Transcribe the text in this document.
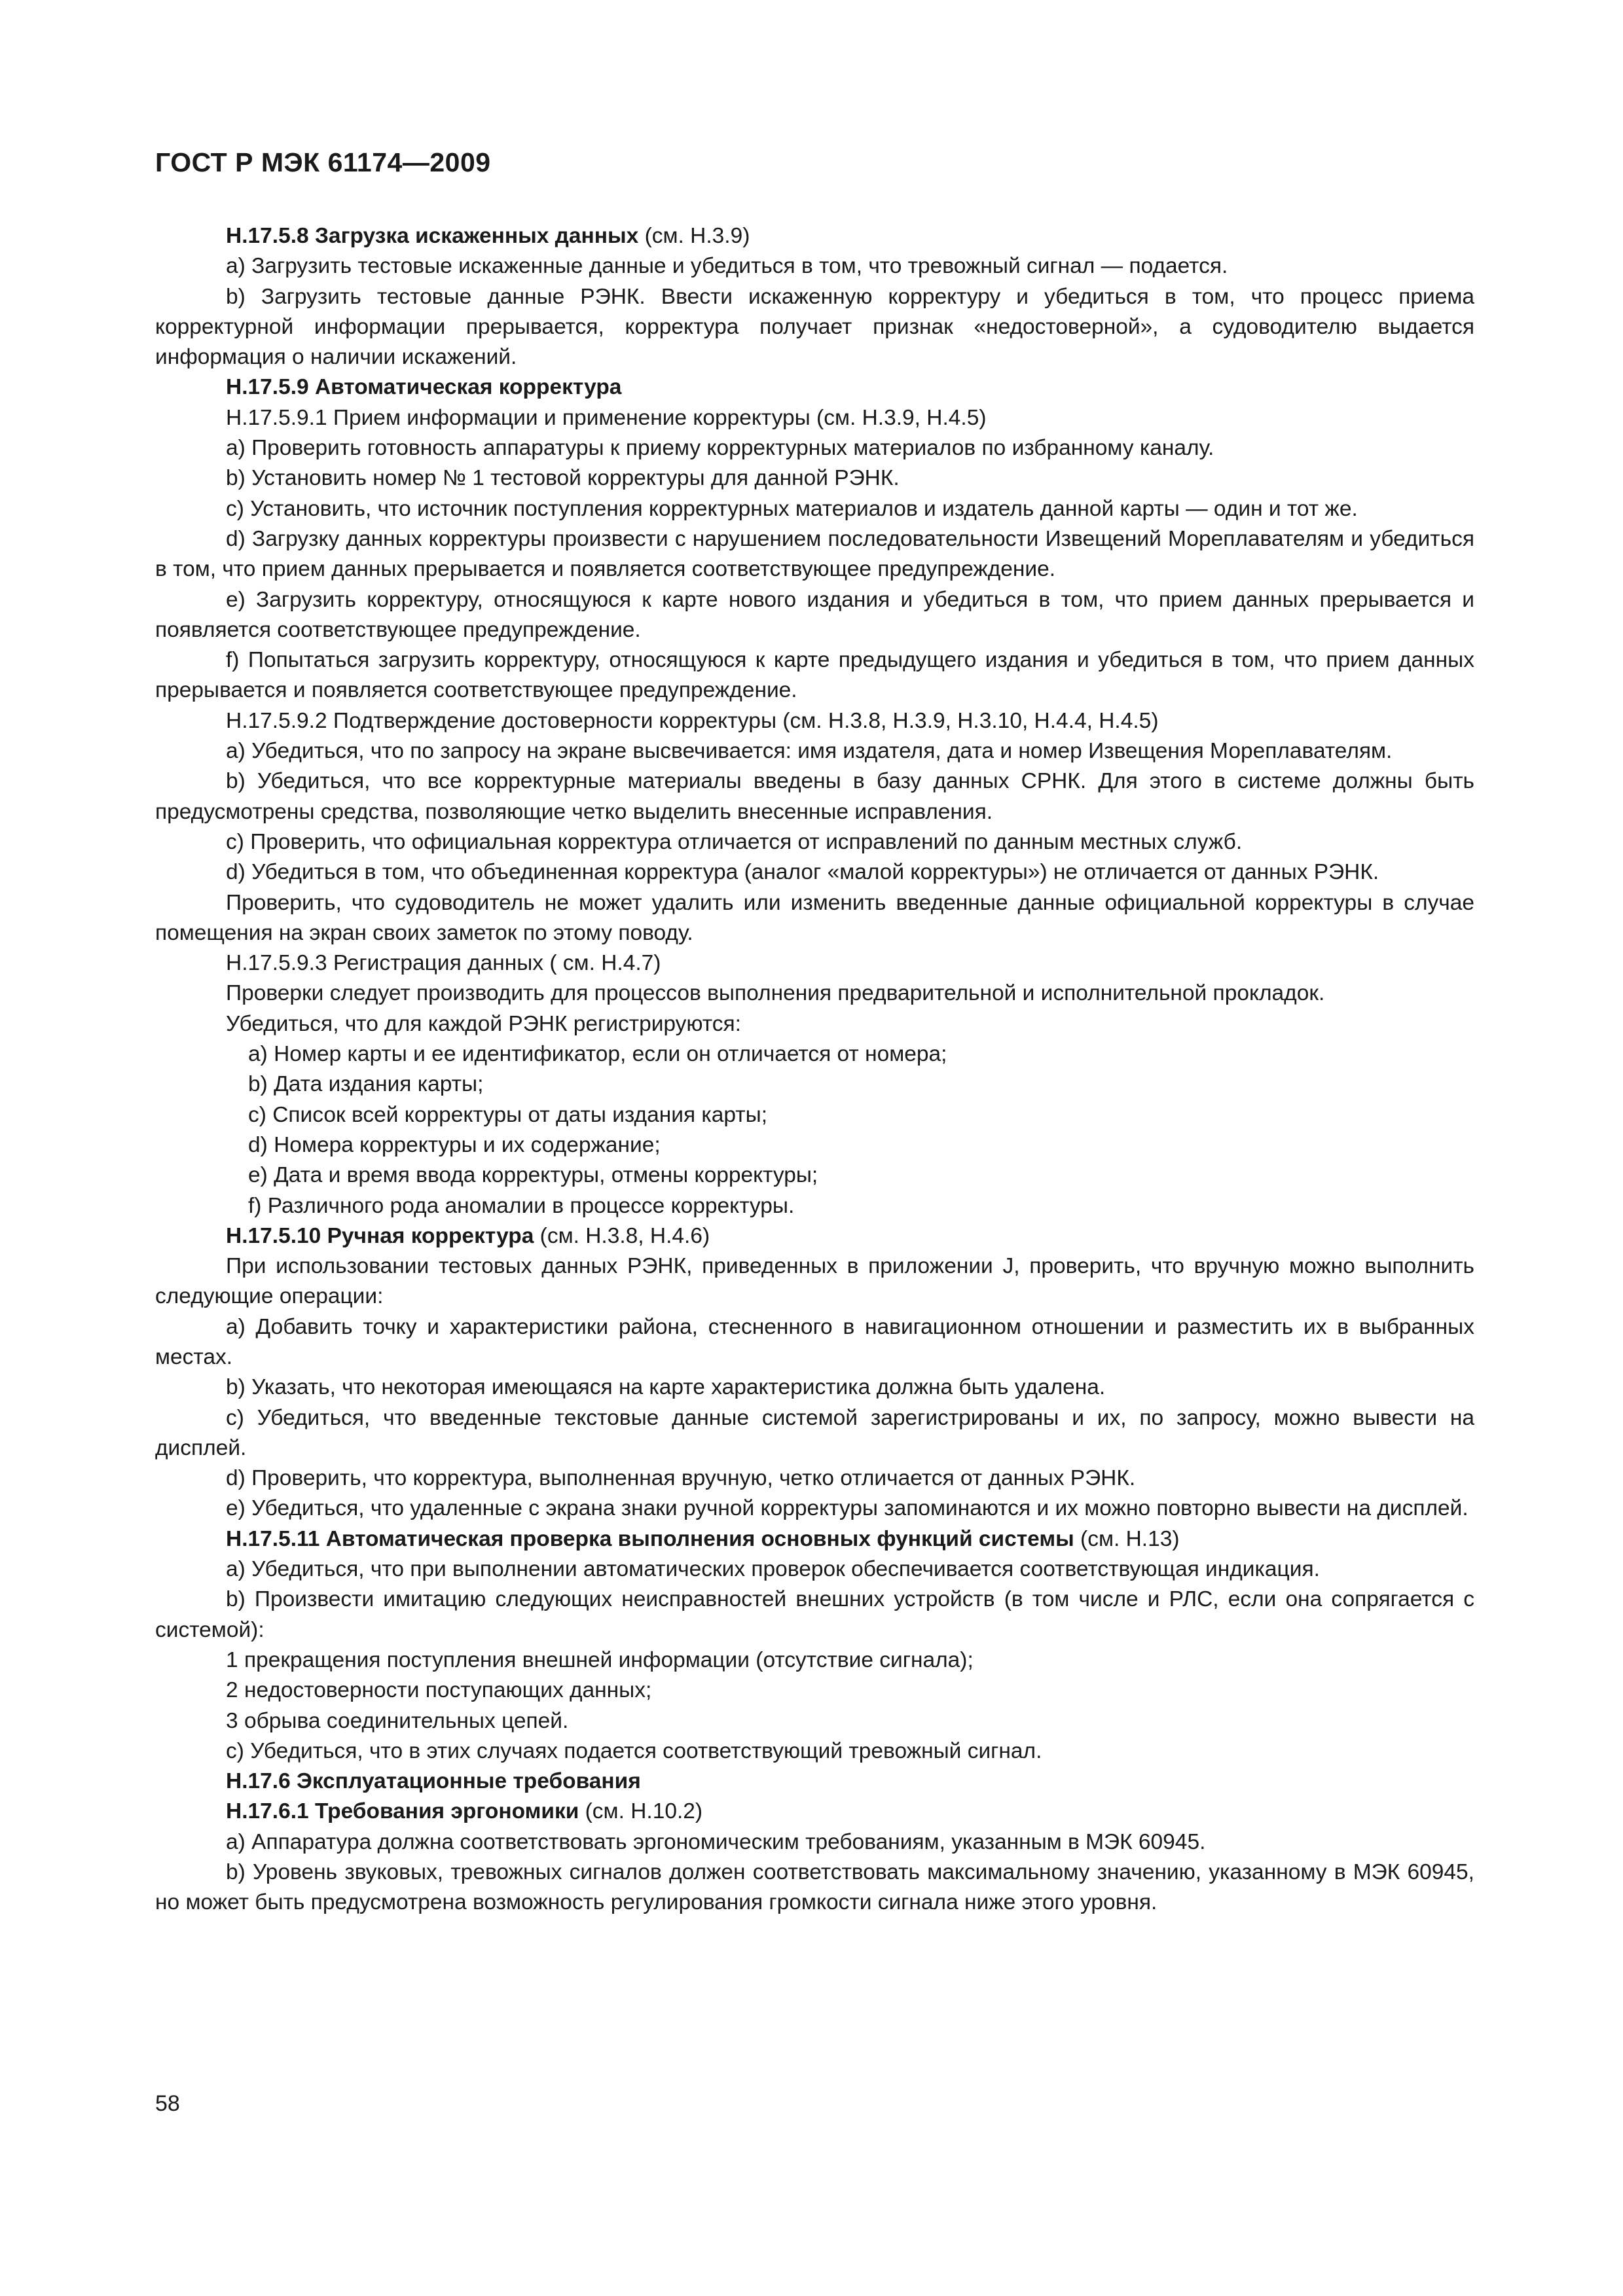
ГОСТ Р МЭК 61174—2009

Н.17.5.8 Загрузка искаженных данных (см. Н.3.9)

а) Загрузить тестовые искаженные данные и убедиться в том, что тревожный сигнал — подается.

b) Загрузить тестовые данные РЭНК. Ввести искаженную корректуру и убедиться в том, что процесс приема корректурной информации прерывается, корректура получает признак «недостоверной», а судоводителю выдается информация о наличии искажений.

Н.17.5.9 Автоматическая корректура

Н.17.5.9.1 Прием информации и применение корректуры (см. Н.3.9, Н.4.5)

а) Проверить готовность аппаратуры к приему корректурных материалов по избранному каналу.

b) Установить номер № 1 тестовой корректуры для данной РЭНК.

с) Установить, что источник поступления корректурных материалов и издатель данной карты — один и тот же.

d) Загрузку данных корректуры произвести с нарушением последовательности Извещений Мореплавателям и убедиться в том, что прием данных прерывается и появляется соответствующее предупреждение.

е) Загрузить корректуру, относящуюся к карте нового издания и убедиться в том, что прием данных прерывается и появляется соответствующее предупреждение.

f) Попытаться загрузить корректуру, относящуюся к карте предыдущего издания и убедиться в том, что прием данных прерывается и появляется соответствующее предупреждение.

Н.17.5.9.2 Подтверждение достоверности корректуры (см. Н.3.8, Н.3.9, Н.3.10, Н.4.4, Н.4.5)

а) Убедиться, что по запросу на экране высвечивается: имя издателя, дата и номер Извещения Мореплавателям.

b) Убедиться, что все корректурные материалы введены в базу данных СРНК. Для этого в системе должны быть предусмотрены средства, позволяющие четко выделить внесенные исправления.

с) Проверить, что официальная корректура отличается от исправлений по данным местных служб.

d) Убедиться в том, что объединенная корректура (аналог «малой корректуры») не отличается от данных РЭНК.

Проверить, что судоводитель не может удалить или изменить введенные данные официальной корректуры в случае помещения на экран своих заметок по этому поводу.

Н.17.5.9.3 Регистрация данных ( см. Н.4.7)

Проверки следует производить для процессов выполнения предварительной и исполнительной прокладок.

Убедиться, что для каждой РЭНК регистрируются:

а) Номер карты и ее идентификатор, если он отличается от номера;

b) Дата издания карты;

с) Список всей корректуры от даты издания карты;

d) Номера корректуры и их содержание;

е) Дата и время ввода корректуры, отмены корректуры;

f) Различного рода аномалии в процессе корректуры.

Н.17.5.10 Ручная корректура (см. Н.3.8, Н.4.6)

При использовании тестовых данных РЭНК, приведенных в приложении J, проверить, что вручную можно выполнить следующие операции:

а) Добавить точку и характеристики района, стесненного в навигационном отношении и разместить их в выбранных местах.

b) Указать, что некоторая имеющаяся на карте характеристика должна быть удалена.

с) Убедиться, что введенные текстовые данные системой зарегистрированы и их, по запросу, можно вывести на дисплей.

d) Проверить, что корректура, выполненная вручную, четко отличается от данных РЭНК.

е) Убедиться, что удаленные с экрана знаки ручной корректуры запоминаются и их можно повторно вывести на дисплей.

Н.17.5.11 Автоматическая проверка выполнения основных функций системы (см. Н.13)

а) Убедиться, что при выполнении автоматических проверок обеспечивается соответствующая индикация.

b) Произвести имитацию следующих неисправностей внешних устройств (в том числе и РЛС, если она сопрягается с системой):

1 прекращения поступления внешней информации (отсутствие сигнала);

2 недостоверности поступающих данных;

3 обрыва соединительных цепей.

с) Убедиться, что в этих случаях подается соответствующий тревожный сигнал.

Н.17.6 Эксплуатационные требования

Н.17.6.1 Требования эргономики (см. Н.10.2)

а) Аппаратура должна соответствовать эргономическим требованиям, указанным в МЭК 60945.

b) Уровень звуковых, тревожных сигналов должен соответствовать максимальному значению, указанному в МЭК 60945, но может быть предусмотрена возможность регулирования громкости сигнала ниже этого уровня.

58
